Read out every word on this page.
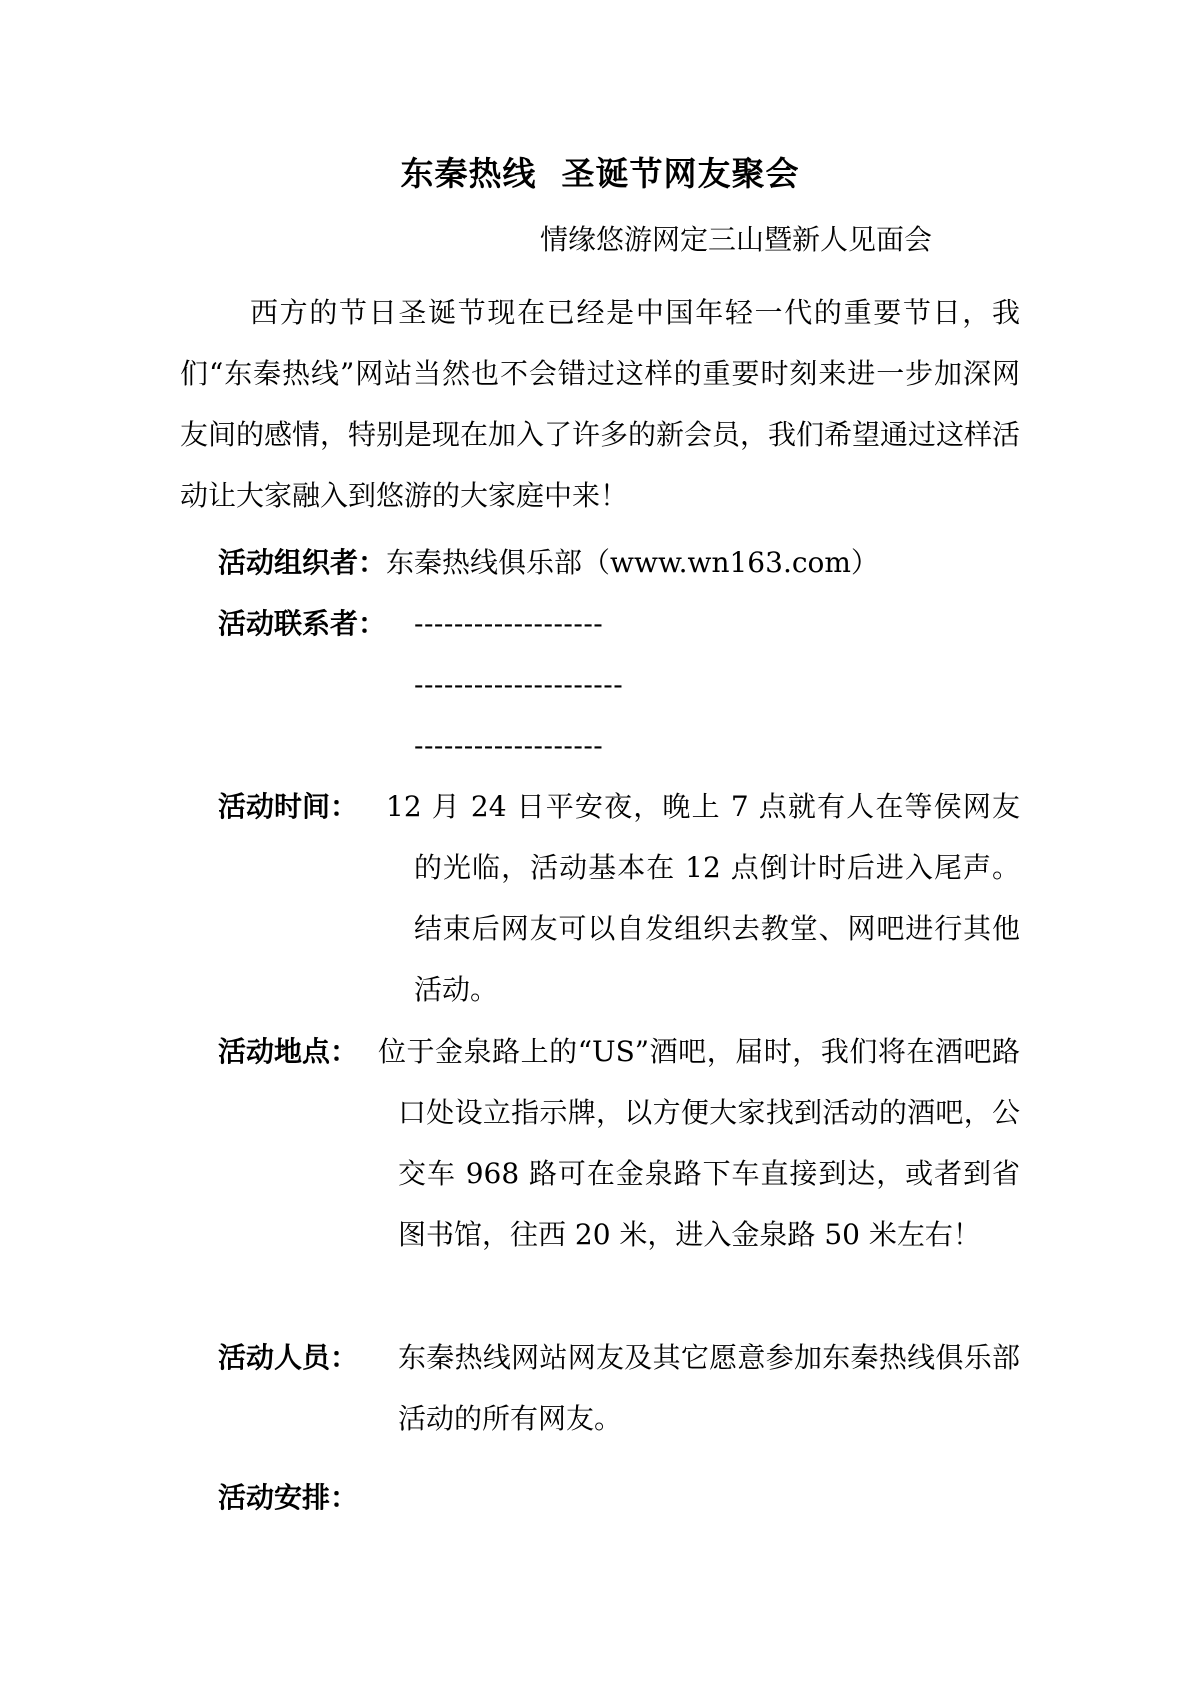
东秦热线  圣诞节网友聚会
情缘悠游网定三山暨新人见面会

西方的节日圣诞节现在已经是中国年轻一代的重要节日，我们“东秦热线”网站当然也不会错过这样的重要时刻来进一步加深网友间的感情，特别是现在加入了许多的新会员，我们希望通过这样活动让大家融入到悠游的大家庭中来！

活动组织者：东秦热线俱乐部（www.wn163.com）
活动联系者： -------------------
---------------------
-------------------
活动时间： 12 月 24 日平安夜，晚上 7 点就有人在等侯网友的光临，活动基本在 12 点倒计时后进入尾声。结束后网友可以自发组织去教堂、网吧进行其他活动。

活动地点： 位于金泉路上的“US”酒吧，届时，我们将在酒吧路口处设立指示牌，以方便大家找到活动的酒吧，公交车 968 路可在金泉路下车直接到达，或者到省图书馆，往西 20 米，进入金泉路 50 米左右！

活动人员：	东秦热线网站网友及其它愿意参加东秦热线俱乐部活动的所有网友。

活动安排：
